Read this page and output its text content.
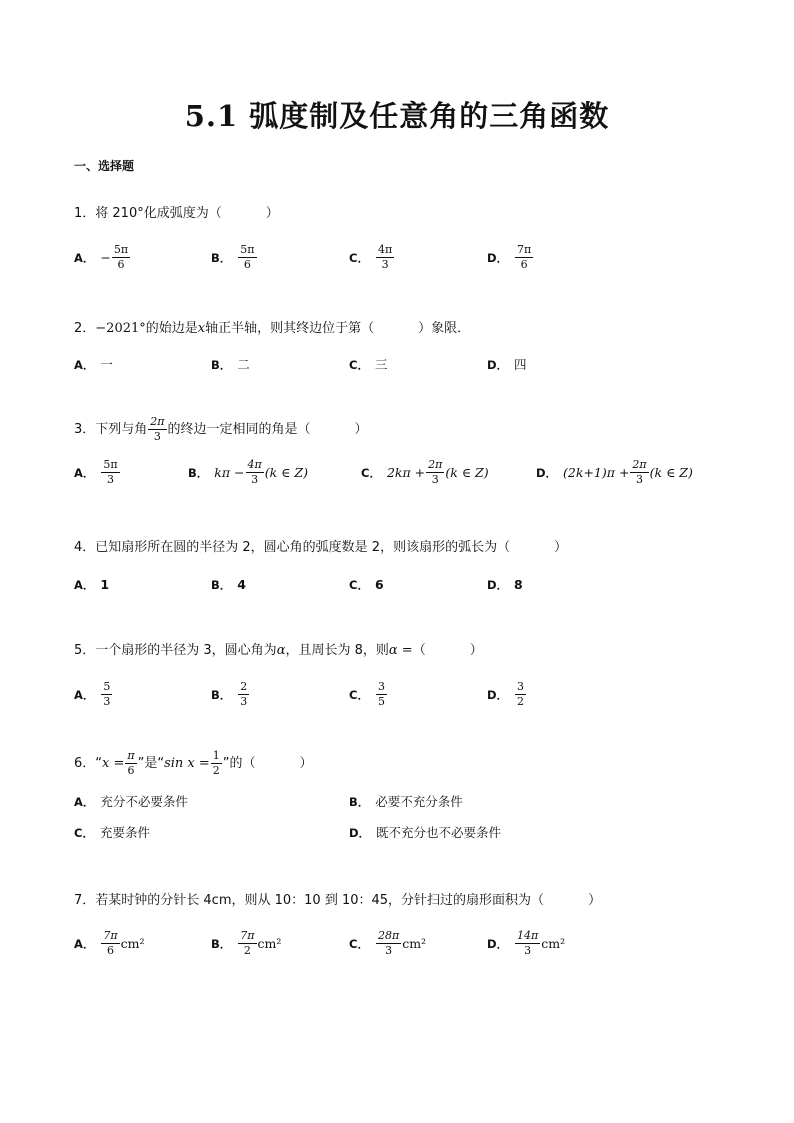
5.1 弧度制及任意角的三角函数
一、选择题
1．将 210°化成弧度为（	）
A． − $\frac{5\pi}{6}$	B． $\frac{5\pi}{6}$	C． $\frac{4\pi}{3}$	D． $\frac{7\pi}{6}$
2．−2021°的始边是x轴正半轴，则其终边位于第（	）象限．
A． 一	B． 二	C． 三	D． 四
3．下列与角 $\frac{2\pi}{3}$ 的终边一定相同的角是（	）
A． $\frac{5\pi}{3}$	B． $k\pi - \frac{4\pi}{3} (k$ ∈ Z)	C． $2k\pi + \frac{2\pi}{3} (k$ ∈ Z)	D． $(2k+1)\pi + \frac{2\pi}{3} (k$ ∈ Z)
4．已知扇形所在圆的半径为 2，圆心角的弧度数是 2，则该扇形的弧长为（	）
A． 1	B． 4	C． 6	D． 8
5．一个扇形的半径为 3，圆心角为α，且周长为 8，则α =（	）
A． $\frac{5}{3}$	B． $\frac{2}{3}$	C． $\frac{3}{5}$	D． $\frac{3}{2}$
6．“ $x = \frac{\pi}{6}$ ”是“ $\sin x = \frac{1}{2}$ ”的（	）
A． 充分不必要条件	B． 必要不充分条件
C． 充要条件	D． 既不充分也不必要条件
7．若某时钟的分针长 4cm，则从 10：10 到 10：45，分针扫过的扇形面积为（	）
A． $\frac{7\pi}{6} cm^2$	B． $\frac{7\pi}{2} cm^2$	C． $\frac{28\pi}{3} cm^2$	D． $\frac{14\pi}{3} cm^2$
